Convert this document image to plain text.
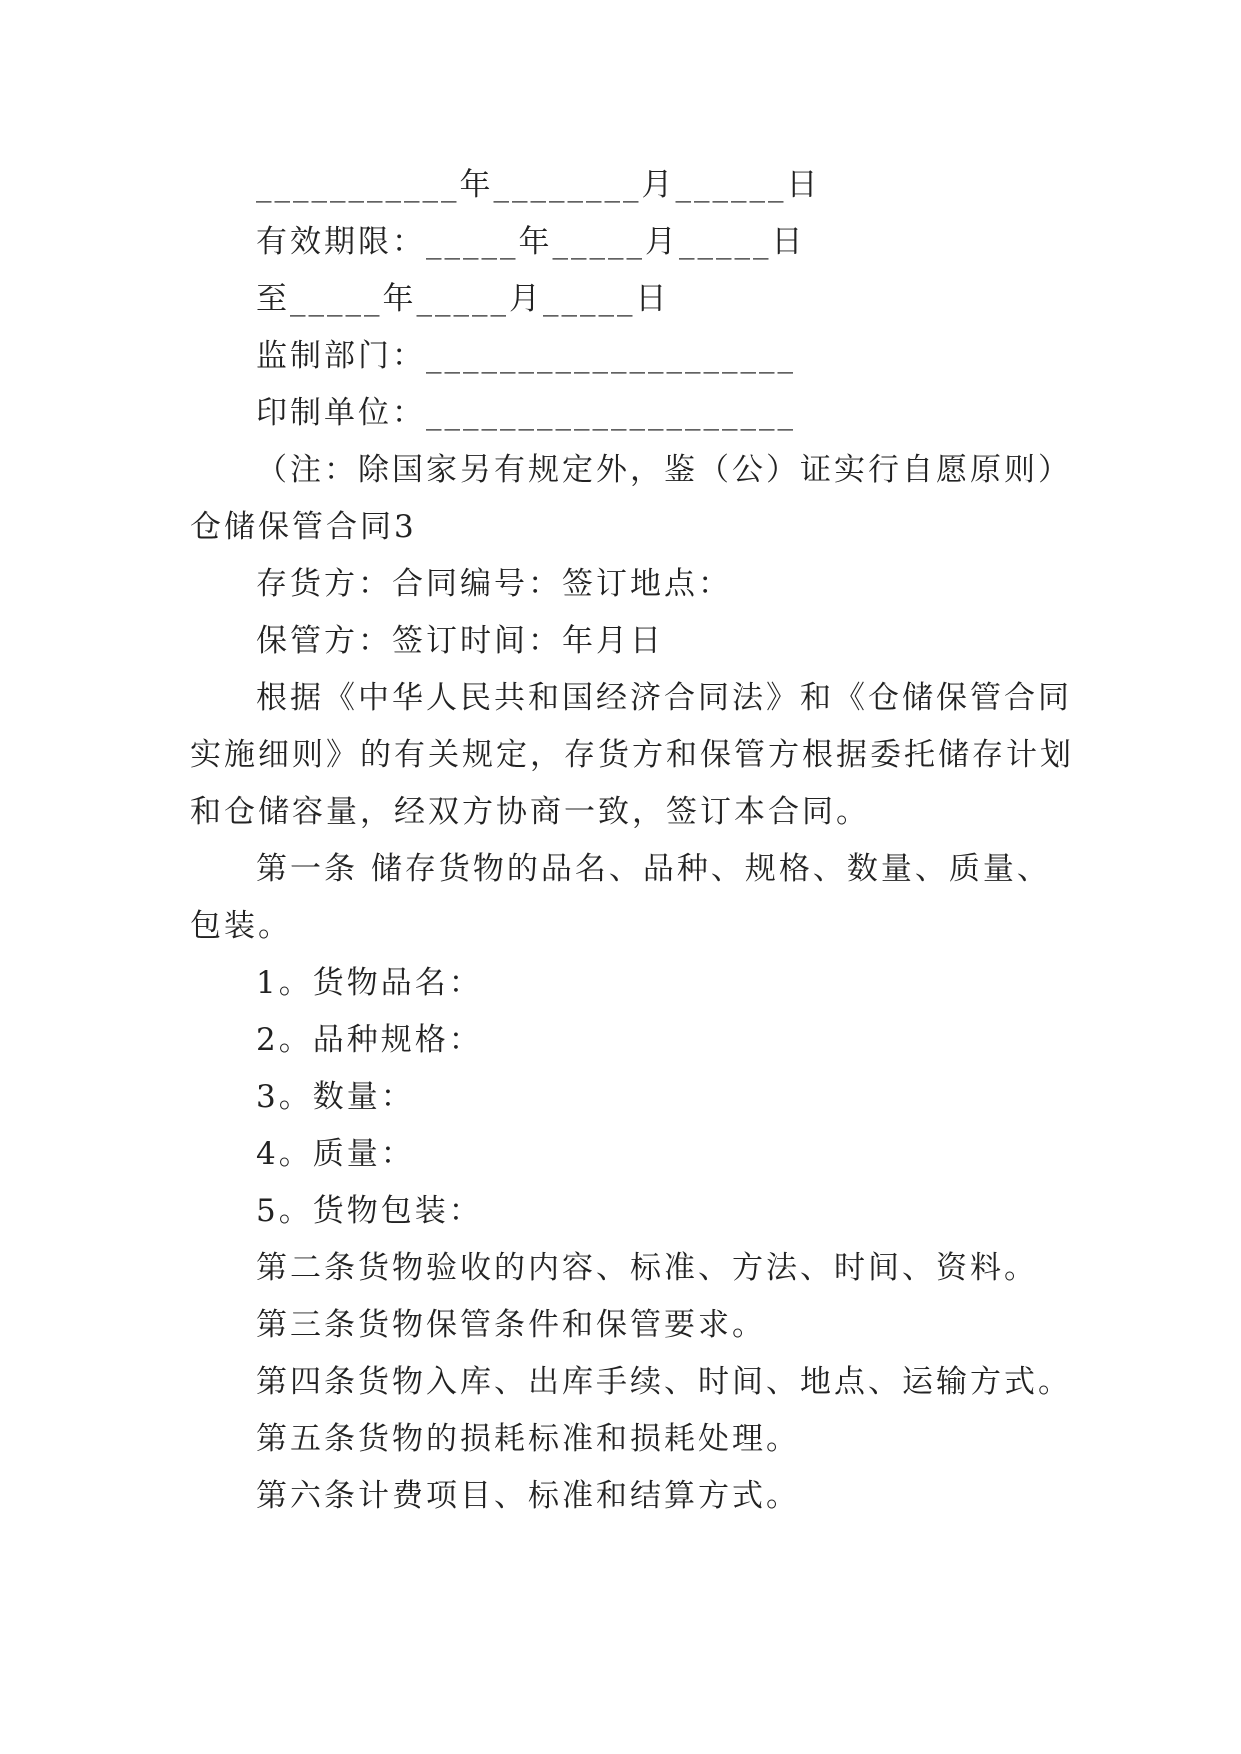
___________年________月______日
有效期限：_____年_____月_____日
至_____年_____月_____日
监制部门：____________________
印制单位：____________________
（注：除国家另有规定外，鉴（公）证实行自愿原则）
仓储保管合同3
存货方：合同编号：签订地点：
保管方：签订时间：年月日
根据《中华人民共和国经济合同法》和《仓储保管合同
实施细则》的有关规定，存货方和保管方根据委托储存计划
和仓储容量，经双方协商一致，签订本合同。
第一条 储存货物的品名、品种、规格、数量、质量、
包装。
1。货物品名：
2。品种规格：
3。数量：
4。质量：
5。货物包装：
第二条货物验收的内容、标准、方法、时间、资料。
第三条货物保管条件和保管要求。
第四条货物入库、出库手续、时间、地点、运输方式。
第五条货物的损耗标准和损耗处理。
第六条计费项目、标准和结算方式。
